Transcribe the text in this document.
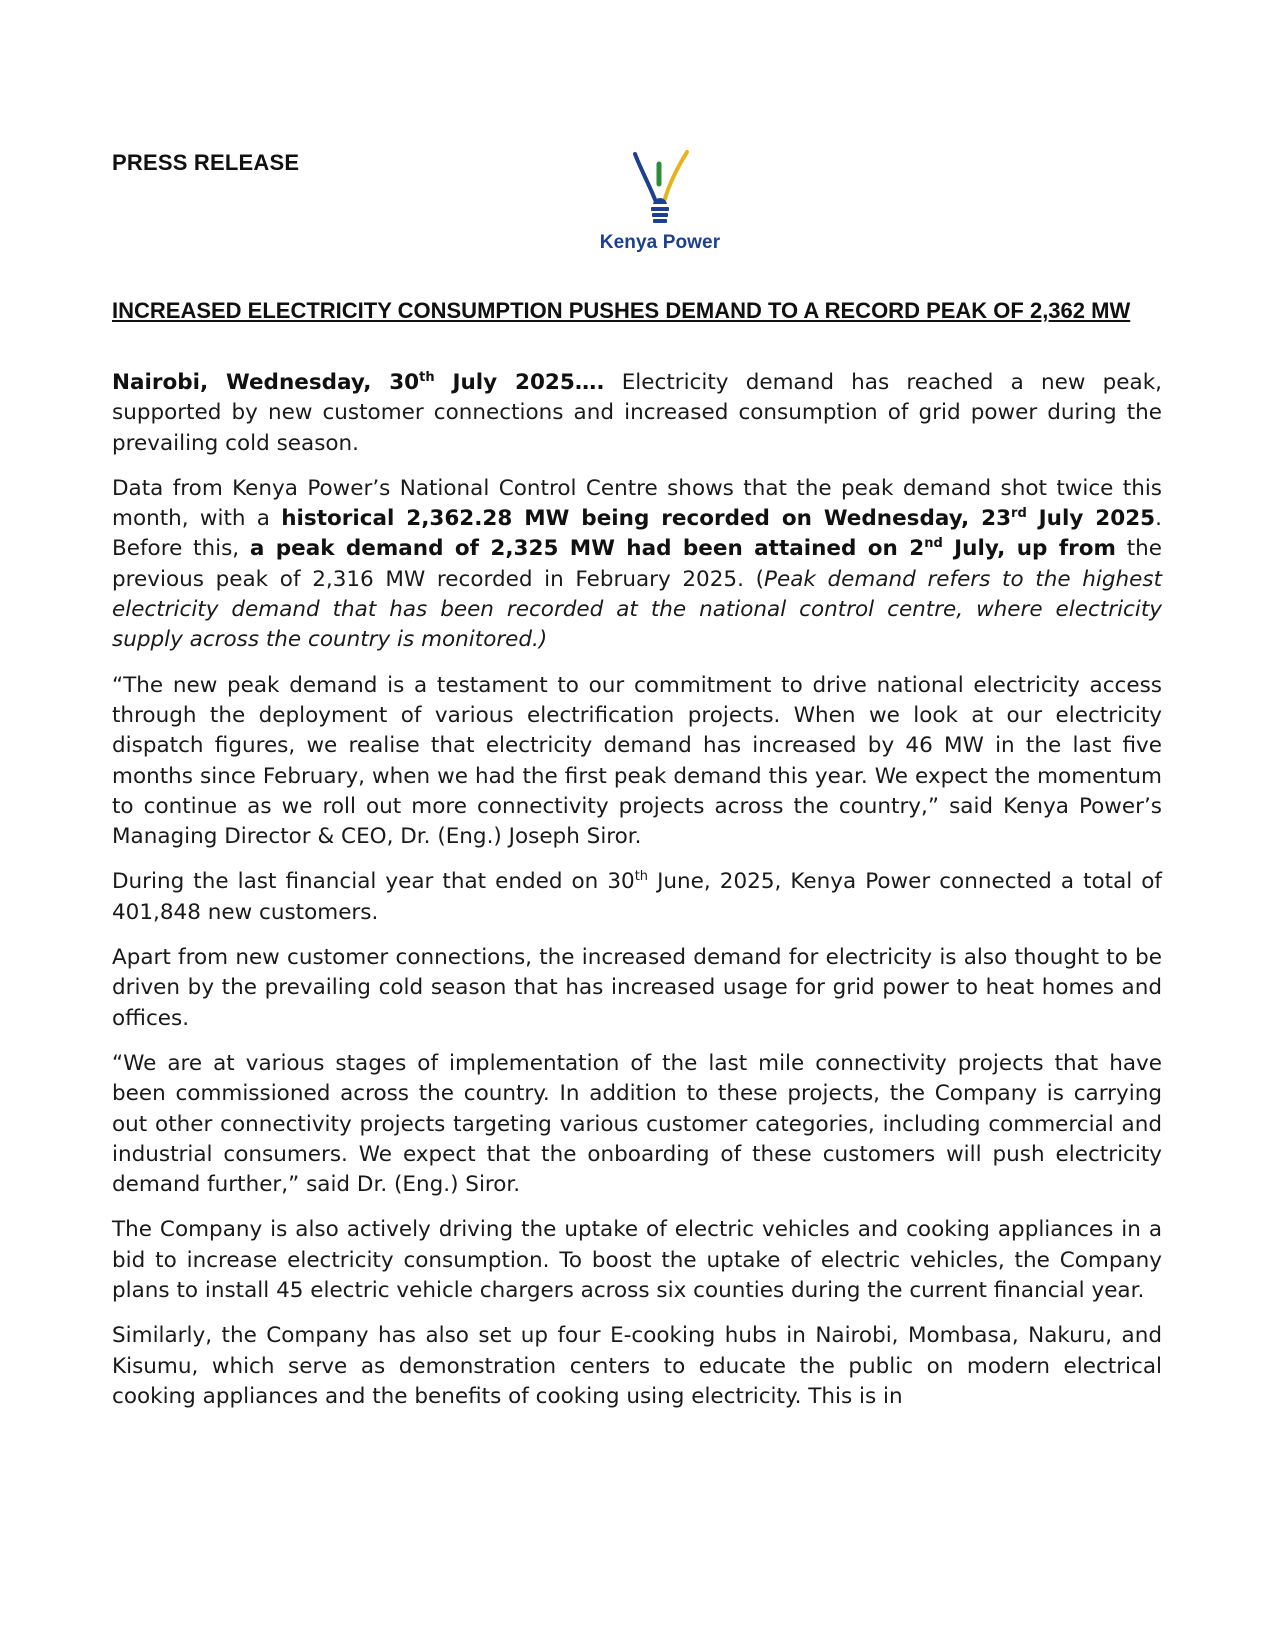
PRESS RELEASE
Kenya Power
INCREASED ELECTRICITY CONSUMPTION PUSHES DEMAND TO A RECORD PEAK OF 2,362 MW

Nairobi, Wednesday, 30th July 2025…. Electricity demand has reached a new peak, supported by new customer connections and increased consumption of grid power during the prevailing cold season.

Data from Kenya Power’s National Control Centre shows that the peak demand shot twice this month, with a historical 2,362.28 MW being recorded on Wednesday, 23rd July 2025. Before this, a peak demand of 2,325 MW had been attained on 2nd July, up from the previous peak of 2,316 MW recorded in February 2025. (Peak demand refers to the highest electricity demand that has been recorded at the national control centre, where electricity supply across the country is monitored.)

“The new peak demand is a testament to our commitment to drive national electricity access through the deployment of various electrification projects. When we look at our electricity dispatch figures, we realise that electricity demand has increased by 46 MW in the last five months since February, when we had the first peak demand this year. We expect the momentum to continue as we roll out more connectivity projects across the country,” said Kenya Power’s Managing Director & CEO, Dr. (Eng.) Joseph Siror.

During the last financial year that ended on 30th June, 2025, Kenya Power connected a total of 401,848 new customers.

Apart from new customer connections, the increased demand for electricity is also thought to be driven by the prevailing cold season that has increased usage for grid power to heat homes and offices.

“We are at various stages of implementation of the last mile connectivity projects that have been commissioned across the country. In addition to these projects, the Company is carrying out other connectivity projects targeting various customer categories, including commercial and industrial consumers. We expect that the onboarding of these customers will push electricity demand further,” said Dr. (Eng.) Siror.

The Company is also actively driving the uptake of electric vehicles and cooking appliances in a bid to increase electricity consumption. To boost the uptake of electric vehicles, the Company plans to install 45 electric vehicle chargers across six counties during the current financial year.

Similarly, the Company has also set up four E-cooking hubs in Nairobi, Mombasa, Nakuru, and Kisumu, which serve as demonstration centers to educate the public on modern electrical cooking appliances and the benefits of cooking using electricity. This is in
